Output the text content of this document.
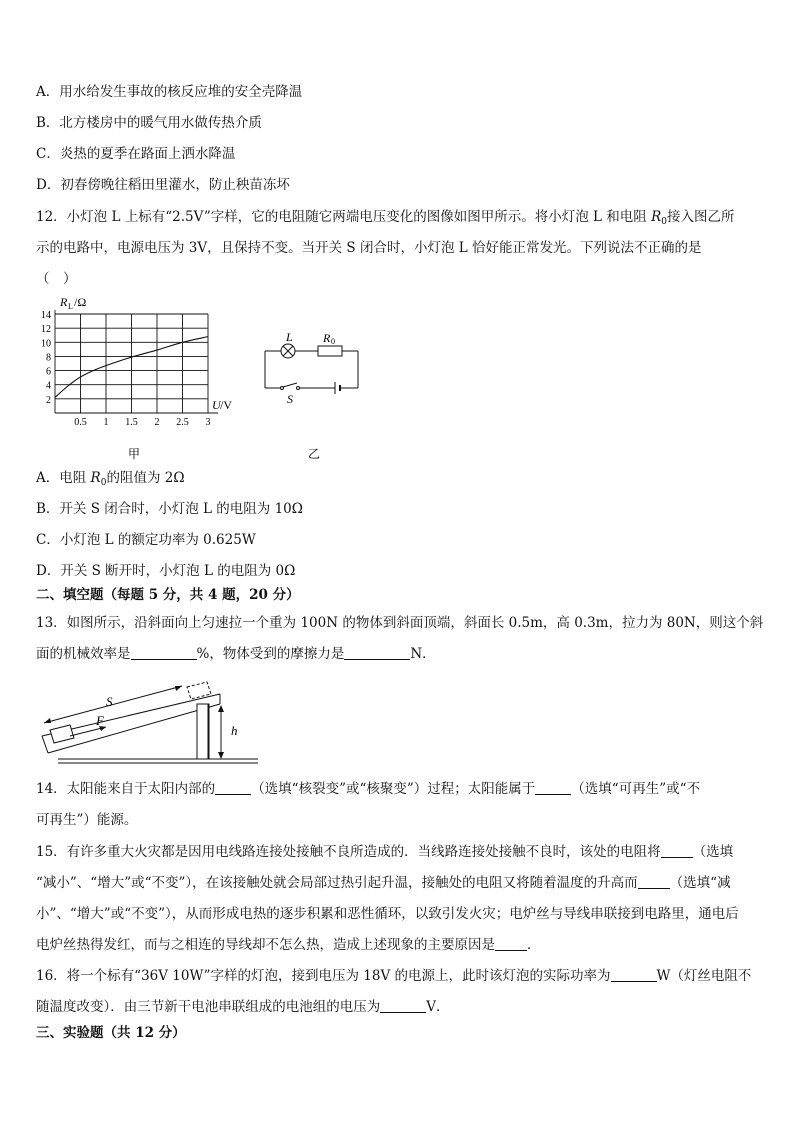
A．用水给发生事故的核反应堆的安全壳降温
B．北方楼房中的暖气用水做传热介质
C．炎热的夏季在路面上洒水降温
D．初春傍晚往稻田里灌水，防止秧苗冻坏
12．小灯泡 L 上标有“2.5V”字样，它的电阻随它两端电压变化的图像如图甲所示。将小灯泡 L 和电阻 $R_0$接入图乙所
示的电路中，电源电压为 3V，且保持不变。当开关 S 闭合时，小灯泡 L 恰好能正常发光。下列说法不正确的是
（　）
R L /Ω
U /V
14
12
10
8
6
4
2
0.5 1 1.5 2 2.5 3
甲
L	R 0
S
乙
A．电阻 $R_0$的阻值为 2Ω
B．开关 S 闭合时，小灯泡 L 的电阻为 10Ω
C．小灯泡 L 的额定功率为 0.625W
D．开关 S 断开时，小灯泡 L 的电阻为 0Ω
二、填空题（每题 5 分，共 4 题，20 分）
13．如图所示，沿斜面向上匀速拉一个重为 100N 的物体到斜面顶端，斜面长 0.5m，高 0.3m，拉力为 80N，则这个斜
面的机械效率是	%，物体受到的摩擦力是	N．
S
F
h
14．太阳能来自于太阳内部的	（选填“核裂变”或“核聚变”）过程；太阳能属于	（选填“可再生”或“不
可再生”）能源。
15．有许多重大火灾都是因用电线路连接处接触不良所造成的．当线路连接处接触不良时，该处的电阻将 （选填
“减小”、“增大”或“不变”），在该接触处就会局部过热引起升温，接触处的电阻又将随着温度的升高而 （选填“减
小”、“增大”或“不变”），从而形成电热的逐步积累和恶性循环，以致引发火灾；电炉丝与导线串联接到电路里，通电后
电炉丝热得发红，而与之相连的导线却不怎么热，造成上述现象的主要原因是 ．
16．将一个标有“36V 10W”字样的灯泡，接到电压为 18V 的电源上，此时该灯泡的实际功率为	W（灯丝电阻不
随温度改变）．由三节新干电池串联组成的电池组的电压为	V．
三、实验题（共 12 分）
